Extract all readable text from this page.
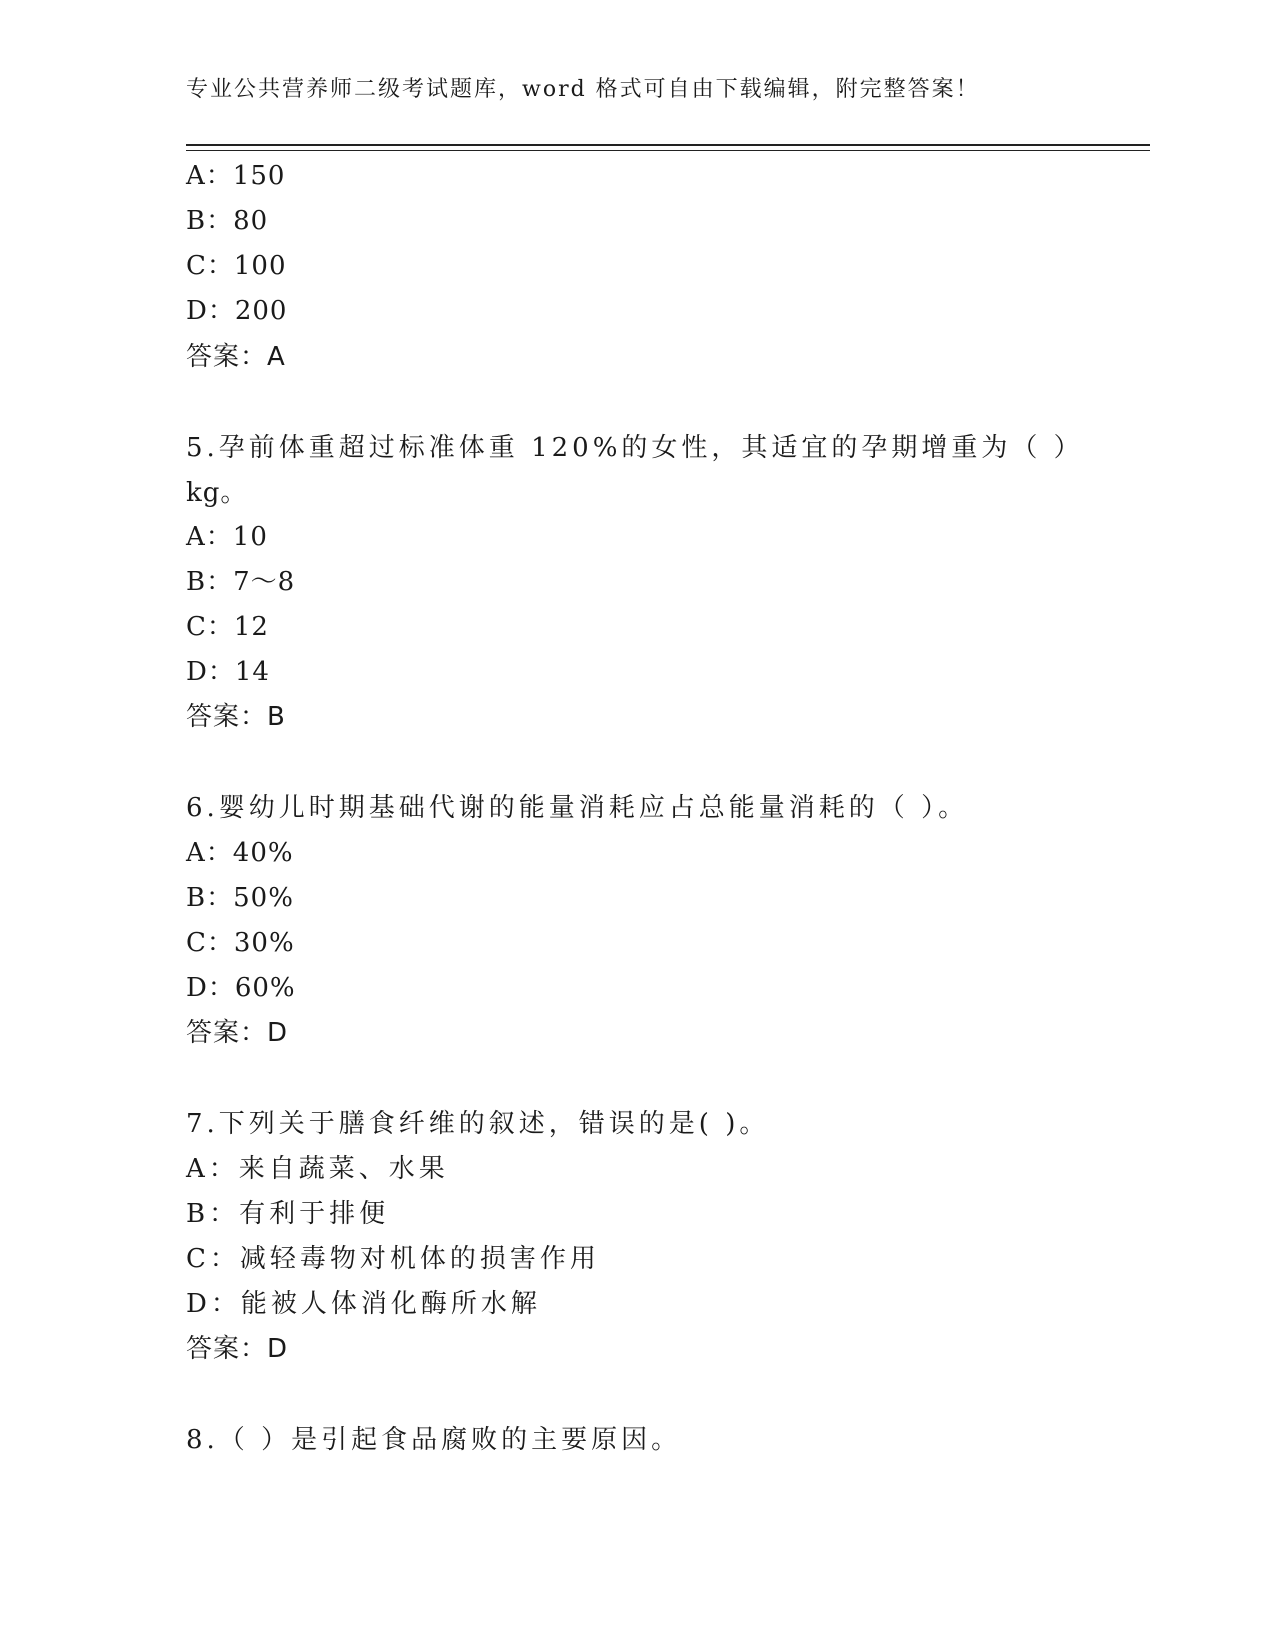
专业公共营养师二级考试题库，word 格式可自由下载编辑，附完整答案！
A：150
B：80
C：100
D：200
答案：A
5.孕前体重超过标准体重 120%的女性，其适宜的孕期增重为（ ）
kg。
A：10
B：7～8
C：12
D：14
答案：B
6.婴幼儿时期基础代谢的能量消耗应占总能量消耗的（ ）。
A：40%
B：50%
C：30%
D：60%
答案：D
7.下列关于膳食纤维的叙述，错误的是( )。
A：来自蔬菜、水果
B：有利于排便
C：减轻毒物对机体的损害作用
D：能被人体消化酶所水解
答案：D
8.（ ）是引起食品腐败的主要原因。
